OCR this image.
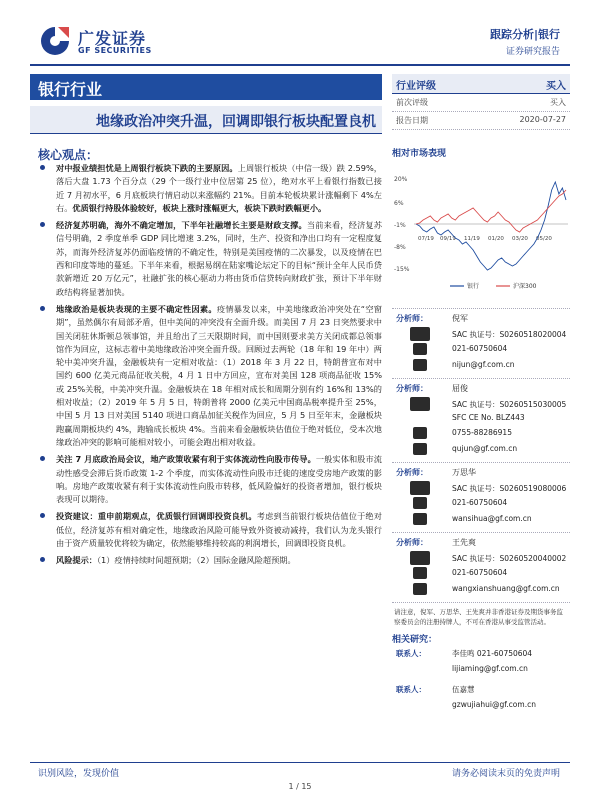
广发证券
GF SECURITIES
跟踪分析|银行
证券研究报告
银行行业
地缘政治冲突升温，回调即银行板块配置良机
行业评级	买入
前次评级	买入
报告日期	2020-07-27
核心观点：
对中报业绩担忧是上周银行板块下跌的主要原因。上周银行板块（中信一级）跌 2.59%，落后大盘 1.73 个百分点（29 个一级行业中位居第 25 位），绝对水平上看银行指数已接近 7 月初水平，6 月底板块行情启动以来涨幅约 21%。目前本轮板块累计涨幅剩下 4%左右。优质银行持股体验较好，板块上涨时涨幅更大，板块下跌时跌幅更小。
经济复苏明确，海外不确定增加，下半年社融增长主要是财政支撑。当前来看，经济复苏信号明确，2 季度单季 GDP 同比增速 3.2%，同时，生产、投资和净出口均有一定程度复苏，而海外经济复苏仍面临疫情的不确定性，特别是美国疫情的二次暴发，以及疫情在巴西和印度等地的蔓延。下半年来看，根据易纲在陆家嘴论坛定下的目标“预计全年人民币贷款新增近 20 万亿元”，社融扩张的核心驱动力将由货币信贷转向财政扩张，预计下半年财政结构将显著加快。
地缘政治是板块表现的主要不确定性因素。疫情暴发以来，中美地缘政治冲突处在“空窗期”，虽然偶尔有局部矛盾，但中美间的冲突没有全面升级。而美国 7 月 23 日突然要求中国关闭驻休斯顿总领事馆，并且给出了三天限期时间，而中国则要求美方关闭成都总领事馆作为回应，这标志着中美地缘政治冲突全面升级。回顾过去两轮（18 年和 19 年中）两轮中美冲突升温，金融板块有一定相对收益：（1）2018 年 3 月 22 日，特朗普宣布对中国约 600 亿美元商品征收关税，4 月 1 日中方回应，宣布对美国 128 项商品征收 15%或 25%关税，中美冲突升温。金融板块在 18 年相对成长和周期分别有约 16%和 13%的相对收益；（2）2019 年 5 月 5 日，特朗普将 2000 亿美元中国商品税率提升至 25%，中国 5 月 13 日对美国 5140 项进口商品加征关税作为回应，5 月 5 日至年末，金融板块跑赢周期板块约 4%，跑输成长板块 4%。当前来看金融板块估值位于绝对低位，受本次地缘政治冲突的影响可能相对较小，可能会跑出相对收益。
关注 7 月底政治局会议，地产政策收紧有利于实体流动性向股市传导。一般实体和股市流动性感受会滞后货币政策 1-2 个季度，而实体流动性向股市迁徙的速度受房地产政策的影响。房地产政策收紧有利于实体流动性向股市转移，低风险偏好的投资者增加，银行板块表现可以期待。
投资建议：重申前期观点，优质银行回调即投资良机。考虑到当前银行板块估值位于绝对低位，经济复苏有相对确定性，地缘政治风险可能导致外资被动减持，我们认为龙头银行由于资产质量较优将较为确定，依然能够维持较高的利润增长，回调即投资良机。
风险提示：（1）疫情持续时间超预期；（2）国际金融风险超预期。
相对市场表现
20%
6%
-1%
-8%
-15%
07/19 09/19 11/19 01/20 03/20 05/20
银行	沪深300
分析师：	倪军
SAC 执证号：S0260518020004
021-60750604
nijun@gf.com.cn
分析师：	屈俊
SAC 执证号：S0260515030005
SFC CE No. BLZ443
0755-88286915
qujun@gf.com.cn
分析师：	万思华
SAC 执证号：S0260519080006
021-60750604
wansihua@gf.com.cn
分析师：	王先爽
SAC 执证号：S0260520040002
021-60750604
wangxianshuang@gf.com.cn
请注意，倪军、万思华、王先爽并非香港证券及期货事务监察委员会的注册持牌人，不可在香港从事受监管活动。
相关研究：
联系人：	李佳鸣 021-60750604
lijiaming@gf.com.cn
联系人：	伍嘉慧
gzwujiahui@gf.com.cn
识别风险，发现价值	请务必阅读末页的免责声明
1 / 15
